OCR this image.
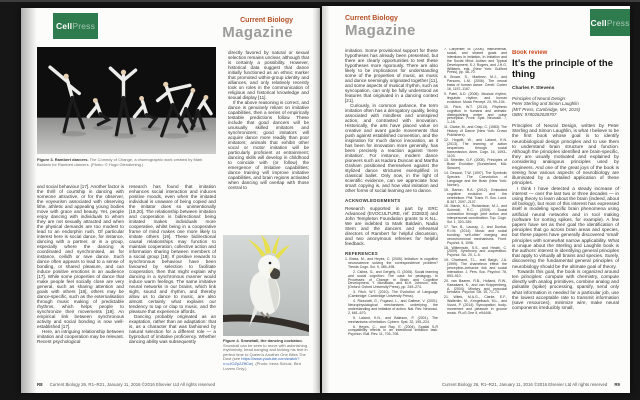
Cell Press
Current Biology
Magazine
Figure 3. Rambert dancers. The Comedy of Change, a choreographic work created by Mark Baldwin for Rambert dancers. (Photo: © Hugo Glendinning.)

and social behaviour [17]. Another factor is the thrill of courtship in dancing with someone attractive, or for the observer, the voyeurism associated with observing lithe, athletic and appealing young bodies move with grace and beauty. Yet, people enjoy dancing with individuals to whom they are not sexually attracted and when the physical demands are too modest to lead to an endorphin rush. Of particular interest here is social dance, for instance, dancing with a partner, or in a group, especially where the dancing is coordinated and synchronised, as for instance, ceilidh or rave dance. Such dance often appears to lead to a sense of bonding, or shared pleasure, and can induce positive emotions in an audience [17]. While some properties of dance that make people feel socially close are very general, such as sharing attention and goals with others [18], others may be dance-specific, such as the externalisation through music making of predictable rhythms, which helps people to synchronize their movements [19]. An empirical link between synchronous activity and social bonding is now well-established [17].

Here, an intriguing relationship between imitation and cooperation may be relevant. Recent psychological

research has found that imitation enhances social interaction and induces positive moods, even when the imitated individual is unaware of being copied and the imitator does so unintentionally [19,20]. The relationship between imitation and cooperation is bidirectional: being imitated makes individuals more cooperative, whilst being in a cooperative frame of mind makes one more likely to imitate others [19]. These bidirectional causal relationships may function to maintain cooperation, collective action and information sharing between members of a social group [18]. If positive rewards to synchronous behaviour have been favoured by selection to facilitate cooperation, then that might explain why dancing in a synchronous manner would induce warm feelings. The same imitative neural networks in our brains, which link sight, sound and rhythm, and thereby allow us to dance to music, are also almost certainly what explains our tendency to tap or clap to music, and the pleasure that experience affords.

Dancing probably originated as an exaptation, rather than an adaptation: that is, as a character that was fashioned by natural selection for a different role — a byproduct of imitative proficiency. Whether dancing ability was subsequently

directly favored by natural or sexual selection remains unclear, although that is certainly a possibility. However, historical data suggest that dance initially functioned as an ethnic marker that promoted within-group identity and alliances, and only relatively recently took on roles in the communication of religious and historical knowledge and sexual display [11].

If the above reasoning is correct, and dance is genuinely reliant on imitative capabilities, then a series of empirically testable predictions follow. These include that good dancers will be unusually skilled imitators and synchronizers; good imitators will acquire dance more readily than poor imitators; animals that exhibit other vocal or motor imitation will be particularly proficient at entrainment; dancing skills will develop in childhood to coincide with (or follow) the emergence of imitative capabilities; dance training will improve imitative capabilities, and brain regions activated when dancing will overlap with those central to

Figure 4. Snowball, the dancing cockatoo. Snowball can be seen to move with astonishing rhythmicity, head banging and kicking his feet in perfect time to Queen’s Another One Bites The Dust (see https://www.youtube.com/watch?v=cJOZp2ZftCw). (Photo: Irena Schulz, Bird Lovers Only.)
R8 Current Biology 26, R1–R21, January 11, 2016 ©2016 Elsevier Ltd All rights reserved
Current Biology
Magazine	Cell Press

imitation. Some provisional support for these hypotheses has already been presented, but there are clearly opportunities to test these hypotheses more rigorously. There are also likely to be implications for understanding some of the properties of music, as music and dance seemingly originated together [11], and some aspects of musical rhythm, such as syncopation, can only be fully understood as features that originated in a dancing context [21].

Curiously, in common parlance, the term imitation often has a derogatory quality, being associated with mindless and uninspired action, and contrasted with innovation. Historically, the arts have placed value on creative and avant garde movements that push against established convention, and the inspiration for much dance innovation, as it has been for innovation more generally, has been precisely a reaction against ‘mere imitation’. For instance, modern dance pioneers such as Isadora Duncan and Martha Graham positioned themselves against the stylized dance strictures exemplified in classical ballet. Only now, in the light of scientific evidence, can we appreciate how smart copying is, and how vital imitation and other forms of social learning are to dance.

ACKNOWLEDGEMENTS

Research supported in part by ERC Advanced (EVOCULTURE, ref: 232823) and John Templeton Foundation grants to K.N.L. We are indebted to Mark Baldwin, Nadia Stern and the dancers and rehearsal directors of Rambert for helpful discussion, and two anonymous referees for helpful feedback.

REFERENCES

1. Brass, M., and Heyes, C. (2005). Imitation: is cognitive neuroscience solving the correspondence problem? Trends Cogn. Sci. 9, 489–495.

2. Csibra, G., and Gergely, G. (2006). Social learning and social cognition: The case for pedagogy. In Processes of Change in Brain and Cognitive Development, Y. Munakata, and M.H. Johnson, eds. (Oxford: Oxford University Press), pp. 249–274.

3. Fitch, W.T. (2010). The Evolution of Language (Cambridge: Cambridge University Press).

4. Rizzolatti, G., Fogassi, L., and Gallese, V. (2001). Neurophysiological mechanisms underlying the understanding and imitation of action. Nat. Rev. Neurosci. 2, 661–670.

5. Laland, K.N., and Bateson, P. (2001). The mechanisms of imitation. Cybern. Syst. 32, 195–224.

6. Heyes, C., and Ray, E. (2004). Spatial S-R compatibility effects in an intentional imitation task. Psychon. Bull. Rev. 11, 703–708.

7. Carpenter, M. (2006). Instrumental, social, and shared goals and intentions in imitation. In Imitation and the Social Mind: Autism and Typical Development, S.J. Rogers, and J.H.G. Williams, eds. (New York: Guilford Press), pp. 48–70.

8. Brown, S., Martinez, M.J., and Parsons, L.M. (2006). The neural basis of human dance. Cereb. Cortex 16, 1157–1167.

9. Patel, A.D. (2006). Musical rhythm, linguistic rhythm, and human evolution. Music Percept. 24, 99–104.

10. Fitch, W.T. (2013). Rhythmic cognition in humans and animals: distinguishing meter and pulse perception. Front. Syst. Neurosci. 7, 1–16.

11. Clarke, M., and Crisp, C. (1983). The History of Dance (New York: Crown Publishers).

12. Hoppitt, W., and Laland, K.N. (2013). The learning of action sequences through social transmission. Anim. Cogn. 16, 1093–1103.

13. Striedter, G.F. (2005). Principles of Brain Evolution (Sunderland, MA: Sinauer).

14. Deacon, T.W. (1997). The Symbolic Species: The Coevolution of Language and the Brain (New York: Norton).

15. Barton, R.A. (2012). Embodied cognitive evolution and the cerebellum. Phil. Trans. R. Soc. Lond. B 367, 2097–2107.

16. Marsh, K.L., Richardson, M.J., and Schmidt, R.C. (2009). Social connection through joint action and interpersonal coordination. Top. Cogn. Sci. 1, 320–339.

17. Tarr, B., Launay, J., and Dunbar, R.I.M. (2014). Music and social bonding: ‘self-other’ merging and neurohormonal mechanisms. Front. Psychol. 5, 1096.

18. Wiltermuth, S.S., and Heath, C. (2009). Synchrony and cooperation. Psychol. Sci. 20, 1–5.

19. Chartrand, T.L., and Bargh, J.A. (1999). The chameleon effect: the perception–behavior link and social interaction. J. Pers. Soc. Psychol. 76, 893–910.

20. van Baaren, R.B., Holland, R.W., Kawakami, K., and van Knippenberg, A. (2004). Mimicry and prosocial behavior. Psychol. Sci. 15, 71–74.

21. Witek, M.A.G., Clarke, E.F., Wallentin, M., Kringelbach, M.L., and Vuust, P. (2014). Syncopation, body-movement and pleasure in groove music. PLoS One 9, e94446.

Book review
It’s the principle of the thing
Charles F. Stevens
Principles of Neural Design
Peter Sterling and Simon Laughlin
(MIT Press, Cambridge, MA; 2015)
ISBN: 9780262028707

Principles of Neural Design, written by Peter Sterling and Simon Laughlin, is what I believe to be the first book whose goal is to identify neurobiological design principles and to use them to understand brain structure and function. Although the principles identified are brain-specific, they are usually motivated and explained by considering analogous principles used by engineers. And one of the great joys of the book is seeing how various aspects of neurobiology are illuminated by a detailed application of these principles.

I think I have detected a steady increase of interest — over the last two or three decades — in using theory to learn about the brain (indeed, about all biology), but most of this interest has expressed itself in modeling specific brain phenomena using artificial neural networks and in tool making (software for sorting spikes, for example). A few papers have set as their goal the identification of principles that go across brain areas and species, but these papers have generally discovered ‘small’ principles with somewhat narrow applicability. What is unique about the Sterling and Laughlin book is the authors’ interest in identifying general principles that apply to virtually all brains and species. Surely, discovering the fundamental general principles of neurobiology should be the ultimate goal of theory.

Towards this goal, the book is organized around ten principles: compute with chemistry, compute directly with analog primitives, combine analog and pulsatile (spike) processing, sparsify, send only what information is needed for a particular job, use the lowest acceptable rate to transmit information (save resources), minimize wire, make neural components irreducibly small,

Current Biology 26, R1–R21, January 11, 2016 ©2016 Elsevier Ltd All rights reserved R9
